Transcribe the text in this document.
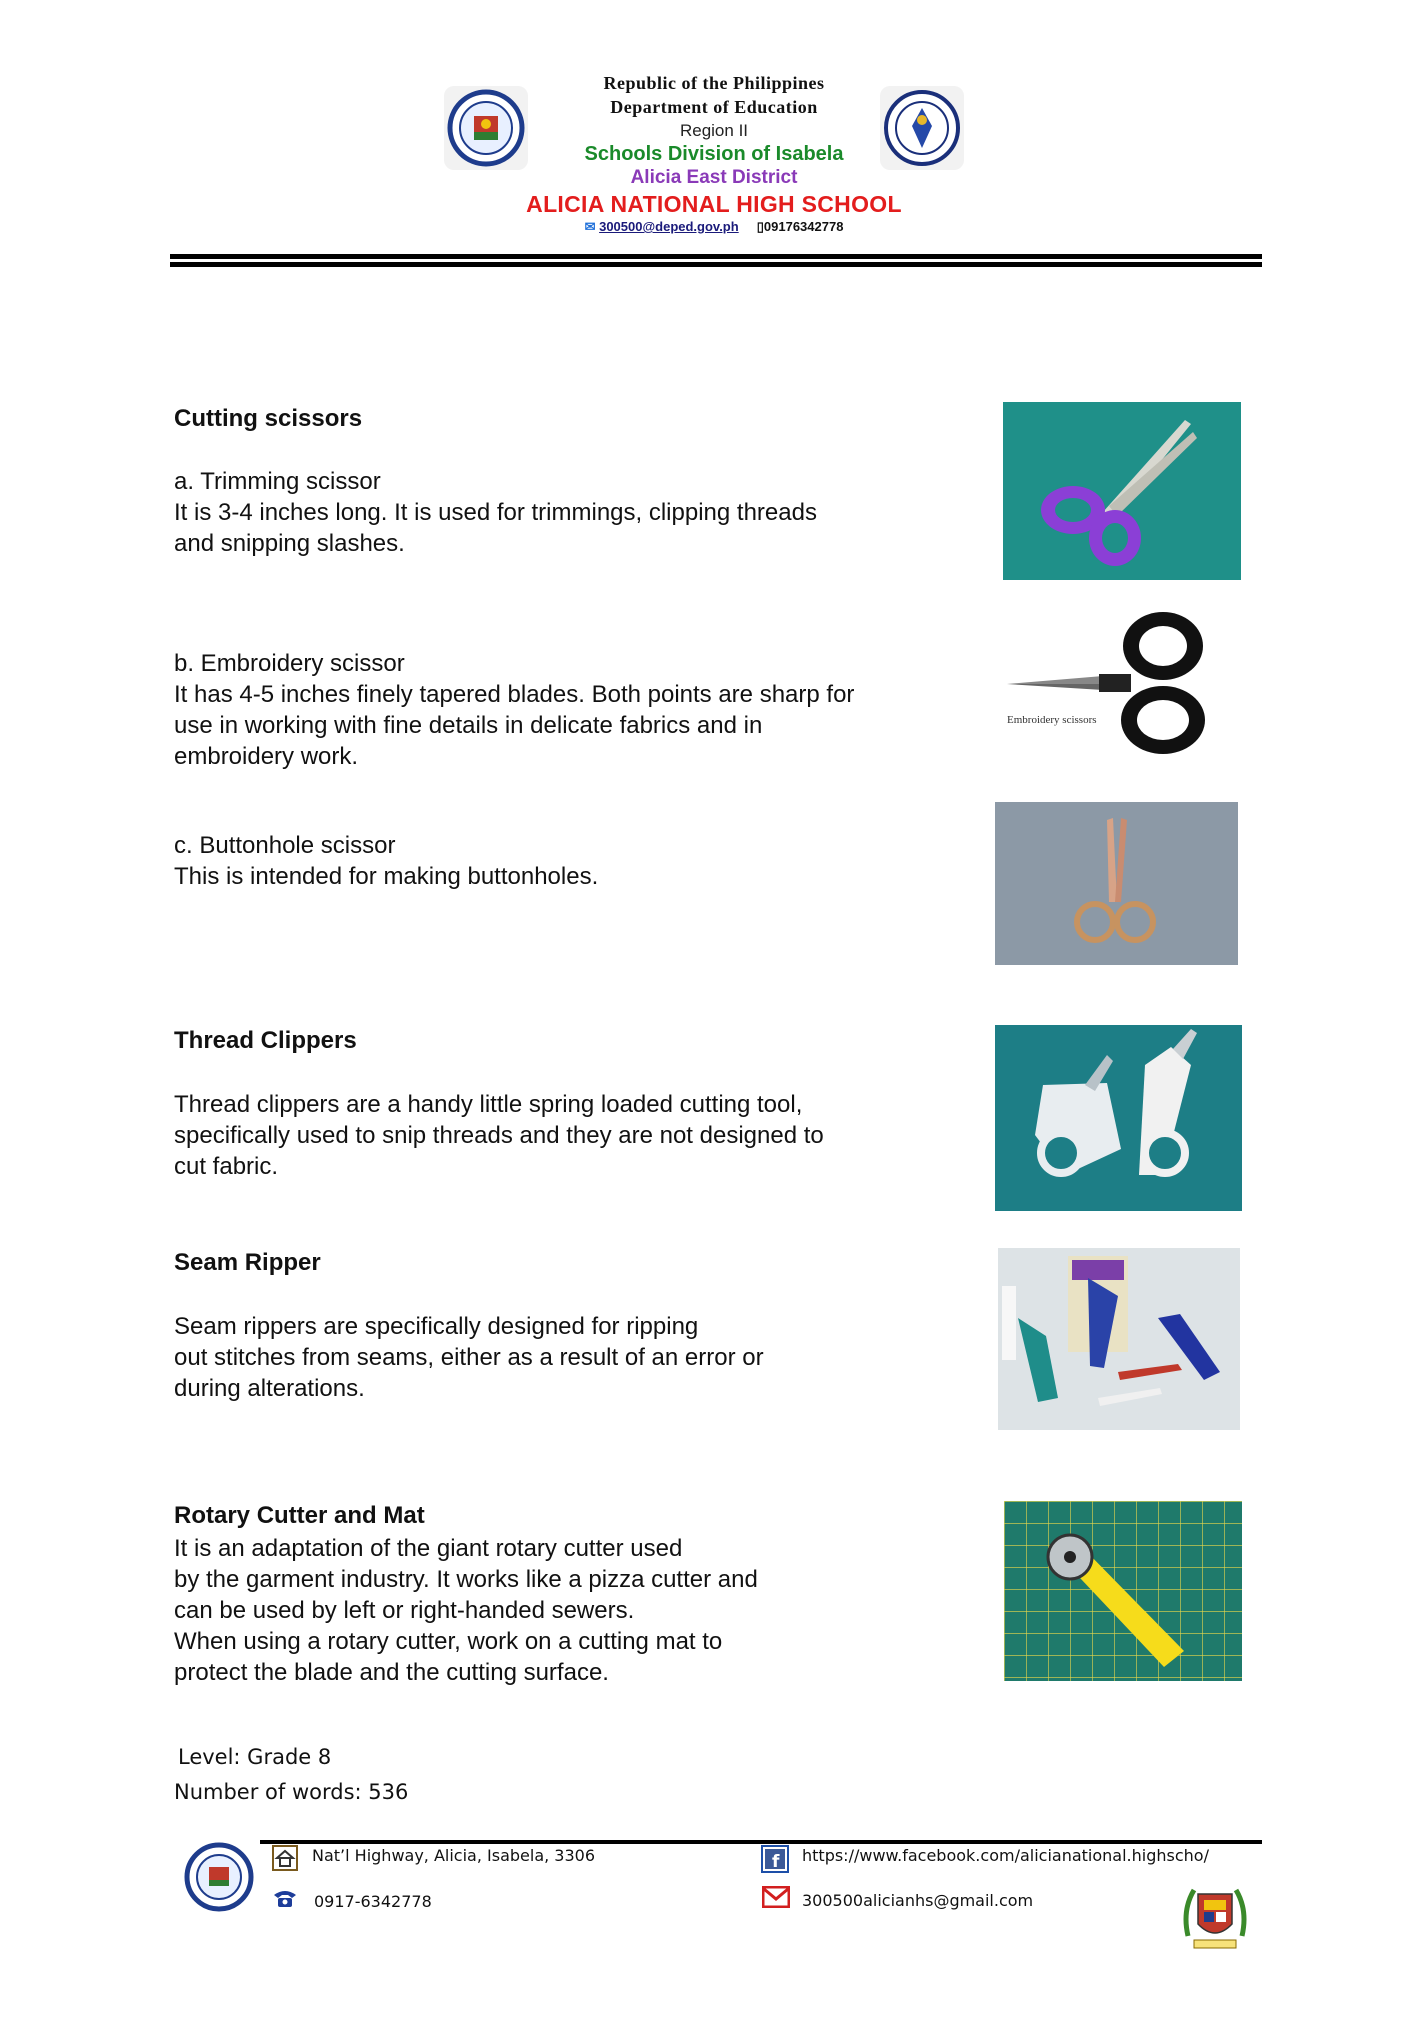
Republic of the Philippines
Department of Education
Region II
Schools Division of Isabela
Alicia East District
ALICIA NATIONAL HIGH SCHOOL
✉ 300500@deped.gov.ph ▯09176342778
Cutting scissors
a. Trimming scissor
It is 3-4 inches long. It is used for trimmings, clipping threads
and snipping slashes.
b. Embroidery scissor
It has 4-5 inches finely tapered blades. Both points are sharp for
use in working with fine details in delicate fabrics and in
embroidery work.
Embroidery scissors
c. Buttonhole scissor
This is intended for making buttonholes.
Thread Clippers
Thread clippers are a handy little spring loaded cutting tool,
specifically used to snip threads and they are not designed to
cut fabric.
Seam Ripper
Seam rippers are specifically designed for ripping
out stitches from seams, either as a result of an error or
during alterations.
Rotary Cutter and Mat
It is an adaptation of the giant rotary cutter used
by the garment industry. It works like a pizza cutter and
can be used by left or right-handed sewers.
When using a rotary cutter, work on a cutting mat to
protect the blade and the cutting surface.
Level: Grade 8
Number of words: 536
Nat’l Highway, Alicia, Isabela, 3306
0917-6342778
f https://www.facebook.com/alicianational.highscho/
300500alicianhs@gmail.com
